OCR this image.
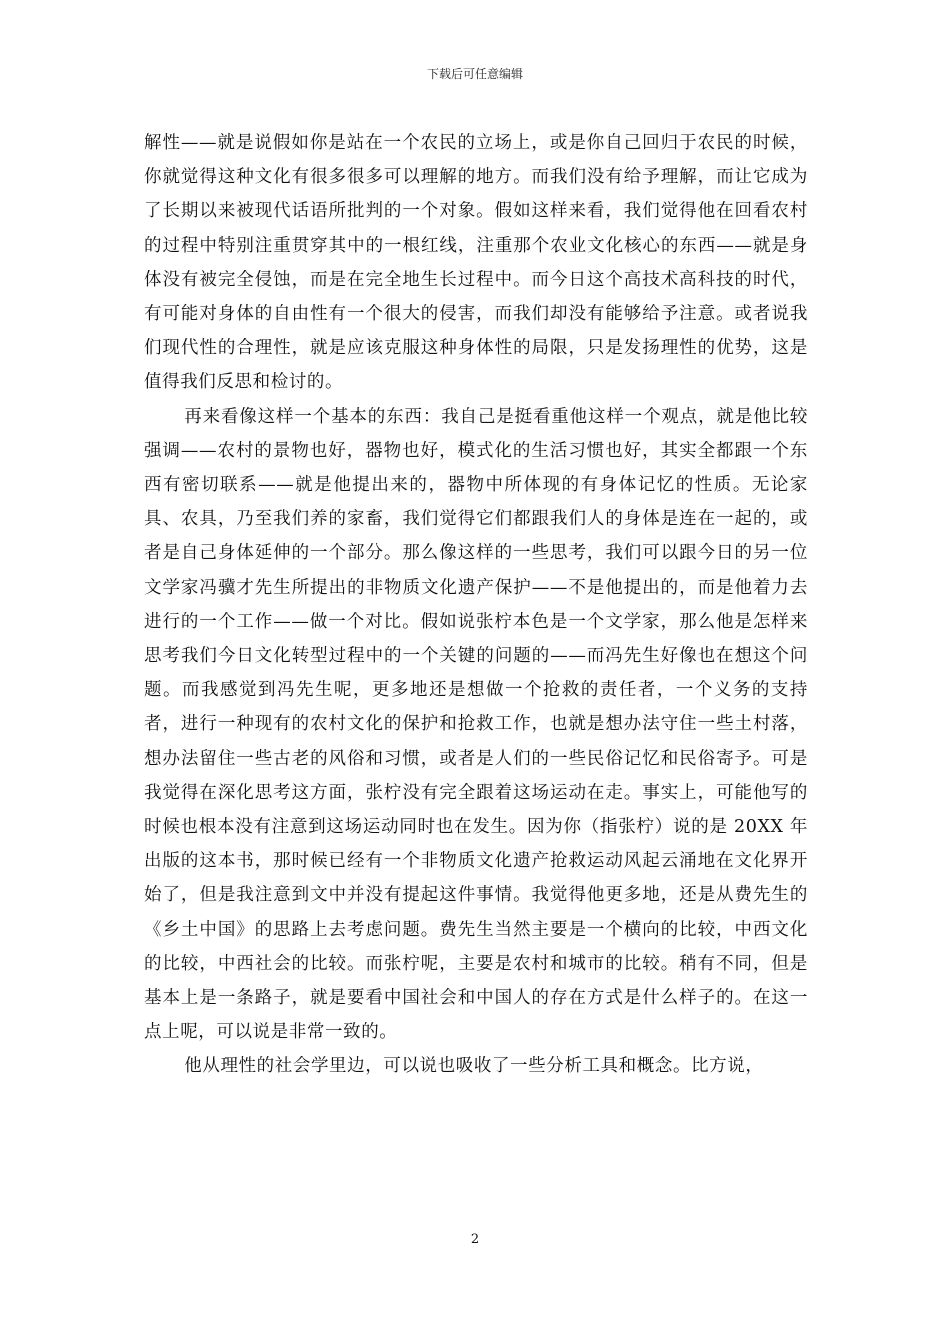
下载后可任意编辑

解性——就是说假如你是站在一个农民的立场上，或是你自己回归于农民的时候，你就觉得这种文化有很多很多可以理解的地方。而我们没有给予理解，而让它成为了长期以来被现代话语所批判的一个对象。假如这样来看，我们觉得他在回看农村的过程中特别注重贯穿其中的一根红线，注重那个农业文化核心的东西——就是身体没有被完全侵蚀，而是在完全地生长过程中。而今日这个高技术高科技的时代，有可能对身体的自由性有一个很大的侵害，而我们却没有能够给予注意。或者说我们现代性的合理性，就是应该克服这种身体性的局限，只是发扬理性的优势，这是值得我们反思和检讨的。

再来看像这样一个基本的东西：我自己是挺看重他这样一个观点，就是他比较强调——农村的景物也好，器物也好，模式化的生活习惯也好，其实全都跟一个东西有密切联系——就是他提出来的，器物中所体现的有身体记忆的性质。无论家具、农具，乃至我们养的家畜，我们觉得它们都跟我们人的身体是连在一起的，或者是自己身体延伸的一个部分。那么像这样的一些思考，我们可以跟今日的另一位文学家冯骥才先生所提出的非物质文化遗产保护——不是他提出的，而是他着力去进行的一个工作——做一个对比。假如说张柠本色是一个文学家，那么他是怎样来思考我们今日文化转型过程中的一个关键的问题的——而冯先生好像也在想这个问题。而我感觉到冯先生呢，更多地还是想做一个抢救的责任者，一个义务的支持者，进行一种现有的农村文化的保护和抢救工作，也就是想办法守住一些土村落，想办法留住一些古老的风俗和习惯，或者是人们的一些民俗记忆和民俗寄予。可是我觉得在深化思考这方面，张柠没有完全跟着这场运动在走。事实上，可能他写的时候也根本没有注意到这场运动同时也在发生。因为你（指张柠）说的是 20XX 年出版的这本书，那时候已经有一个非物质文化遗产抢救运动风起云涌地在文化界开始了，但是我注意到文中并没有提起这件事情。我觉得他更多地，还是从费先生的《乡土中国》的思路上去考虑问题。费先生当然主要是一个横向的比较，中西文化的比较，中西社会的比较。而张柠呢，主要是农村和城市的比较。稍有不同，但是基本上是一条路子，就是要看中国社会和中国人的存在方式是什么样子的。在这一点上呢，可以说是非常一致的。

他从理性的社会学里边，可以说也吸收了一些分析工具和概念。比方说，

2
